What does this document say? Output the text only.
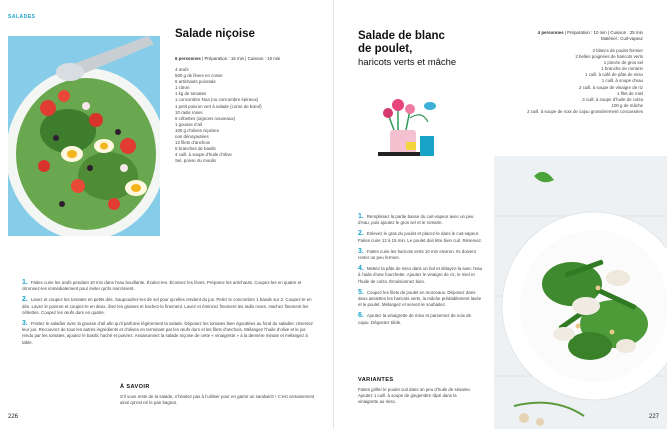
SALADES
Salade niçoise
6 personnes | Préparation : 15 min | Cuisson : 10 min
4 œufs
500 g de fèves en cosse
6 artichauts poivrade
1 citron
1 kg de tomates
1 concombre Noa (ou concombre épineux)
1 petit poivron vert à salade (corne de bœuf)
10 radis roses
6 cébettes (oignons nouveaux)
1 gousse d’ail
100 g d’olives niçoises
non dénoyautées
12 filets d’anchois
6 branches de basilic
4 cuill. à soupe d’huile d’olive
Sel, poivre du moulin

1. Faites cuire les œufs pendant 10 min dans l’eau bouillante. Écalez-les. Écossez les fèves. Préparez les artichauts. Coupez-les en quatre et citronnez-les immédiatement pour éviter qu’ils noircissent.

2. Lavez et coupez les tomates en petits dés. Saupoudrez-les de sel pour qu’elles rendent du jus. Pelez le concombre 1 bande sur 2. Coupez-le en dés. Lavez le poivron et coupez-le en deux, ôtez les graines et hachez-le finement. Lavez et émincez finement les radis roses. Hachez finement les cébettes. Coupez les œufs durs en quatre.

3. Frottez le saladier avec la gousse d’ail afin qu’il parfume légèrement la salade. Déposez les tomates bien égouttées au fond du saladier, réservez leur jus. Recouvrez de tous les autres ingrédients et d’olives en terminant par les œufs durs et les filets d’anchois. Mélangez l’huile d’olive et le jus rendu par les tomates, ajoutez le basilic haché et poivrez. Assaisonnez la salade niçoise de cette « vinaigrette » à la dernière minute et mélangez à table.

À SAVOIR
S’il vous reste de la salade, n’hésitez pas à l’utiliser pour en garnir un sandwich ! C’est certainement ainsi qu’est né le pan bagnat.
226
Salade de blanc
de poulet,
haricots verts et mâche
4 personnes | Préparation : 10 min | Cuisson : 25 min
Matériel : Cuit-vapeur
2 blancs de poulet fermier
2 belles poignées de haricots verts
1 pincée de gros sel
1 branche de romarin
1 cuill. à café de pâte de miso
1 cuill. à soupe d’eau
2 cuill. à soupe de vinaigre de riz
1 filet de miel
3 cuill. à soupe d’huile de colza
100 g de mâche
2 cuill. à soupe de noix de cajou grossièrement concassées

1. Remplissez la partie basse du cuit-vapeur avec un peu d’eau, puis ajoutez le gros sel et le romarin.

2. Enlevez le gras du poulet et placez-le dans le cuit-vapeur. Faites cuire 12 à 15 min. Le poulet doit être bien cuit. Réservez.

3. Faites cuire les haricots verts 10 min environ. Ils doivent rester un peu fermes.

4. Mettez la pâte de miso dans un bol et délayez-la avec l’eau à l’aide d’une fourchette. Ajoutez le vinaigre de riz, le miel et l’huile de colza. Émulsionnez bien.

5. Coupez les filets de poulet en morceaux. Déposez dans deux assiettes les haricots verts, la mâche préalablement lavée et le poulet. Mélangez et servez-le souhaitez.

6. Ajoutez la vinaigrette de miso et parsemez de noix de cajou. Dégustez tiède.

VARIANTES
Faites griller le poulet cuit dans un peu d’huile de sésame. Ajoutez 1 cuill. à soupe de gingembre râpé dans la vinaigrette au miso.
227
